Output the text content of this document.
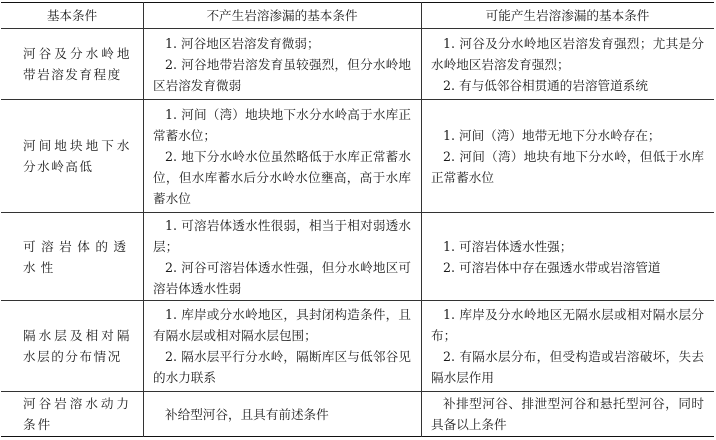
基本条件	不产生岩溶渗漏的基本条件	可能产生岩溶渗漏的基本条件
河谷及分水岭地带岩溶发育程度

1. 河谷地区岩溶发育微弱；

2. 河谷地带岩溶发育虽较强烈，但分水岭地区岩溶发育微弱

1. 河谷及分水岭地区岩溶发育强烈；尤其是分水岭地区岩溶发育强烈；

2. 有与低邻谷相贯通的岩溶管道系统

河间地块地下水分水岭高低

1. 河间（湾）地块地下水分水岭高于水库正常蓄水位；

2. 地下分水岭水位虽然略低于水库正常蓄水位，但水库蓄水后分水岭水位壅高，高于水库蓄水位

1. 河间（湾）地带无地下分水岭存在；

2. 河间（湾）地块有地下分水岭，但低于水库正常蓄水位

可溶岩体的透水性

1. 可溶岩体透水性很弱，相当于相对弱透水层；

2. 河谷可溶岩体透水性强，但分水岭地区可溶岩体透水性弱

1. 可溶岩体透水性强；

2. 可溶岩体中存在强透水带或岩溶管道

隔水层及相对隔水层的分布情况

1. 库岸或分水岭地区，具封闭构造条件，且有隔水层或相对隔水层包围；

2. 隔水层平行分水岭，隔断库区与低邻谷见的水力联系

1. 库岸及分水岭地区无隔水层或相对隔水层分布；

2. 有隔水层分布，但受构造或岩溶破坏，失去隔水层作用

河谷岩溶水动力条件

补给型河谷，且具有前述条件

补排型河谷、排泄型河谷和悬托型河谷，同时具备以上条件
